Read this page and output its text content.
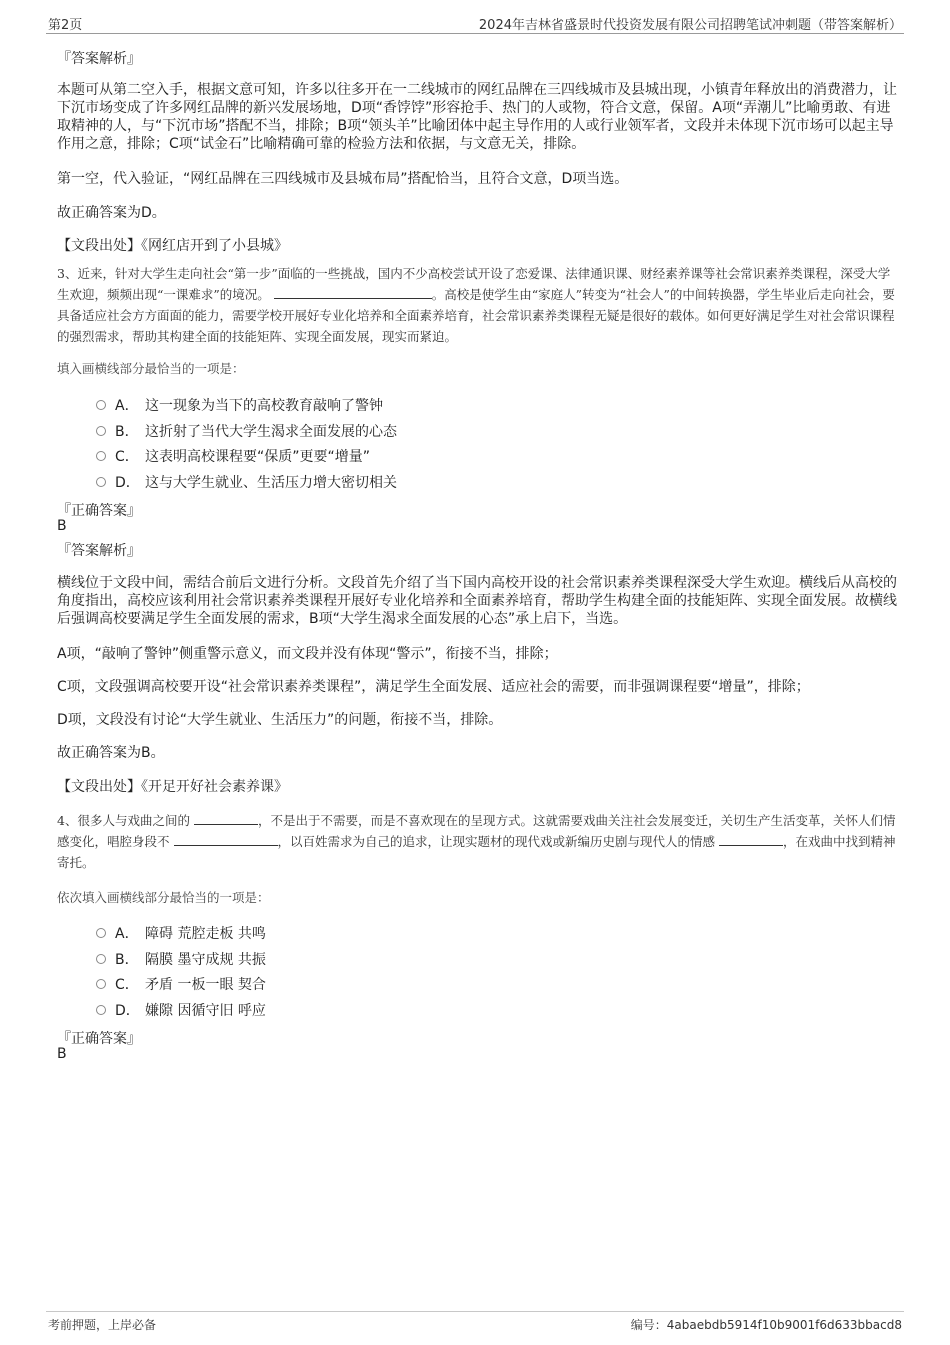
第2页	2024年吉林省盛景时代投资发展有限公司招聘笔试冲刺题（带答案解析）
『答案解析』
本题可从第二空入手，根据文意可知，许多以往多开在一二线城市的网红品牌在三四线城市及县城出现，小镇青年释放出的消费潜力，让下沉市场变成了许多网红品牌的新兴发展场地，D项“香饽饽”形容抢手、热门的人或物，符合文意，保留。A项“弄潮儿”比喻勇敢、有进取精神的人，与“下沉市场”搭配不当，排除；B项“领头羊”比喻团体中起主导作用的人或行业领军者，文段并未体现下沉市场可以起主导作用之意，排除；C项“试金石”比喻精确可靠的检验方法和依据，与文意无关，排除。
第一空，代入验证，“网红品牌在三四线城市及县城布局”搭配恰当，且符合文意，D项当选。
故正确答案为D。
【文段出处】《网红店开到了小县城》
3、近来，针对大学生走向社会“第一步”面临的一些挑战，国内不少高校尝试开设了恋爱课、法律通识课、财经素养课等社会常识素养类课程，深受大学生欢迎，频频出现“一课难求”的境况。	。高校是使学生由“家庭人”转变为“社会人”的中间转换器，学生毕业后走向社会，要具备适应社会方方面面的能力，需要学校开展好专业化培养和全面素养培育，社会常识素养类课程无疑是很好的载体。如何更好满足学生对社会常识课程的强烈需求，帮助其构建全面的技能矩阵、实现全面发展，现实而紧迫。
填入画横线部分最恰当的一项是：
A． 这一现象为当下的高校教育敲响了警钟
B． 这折射了当代大学生渴求全面发展的心态
C． 这表明高校课程要“保质”更要“增量”
D． 这与大学生就业、生活压力增大密切相关
『正确答案』
B
『答案解析』
横线位于文段中间，需结合前后文进行分析。文段首先介绍了当下国内高校开设的社会常识素养类课程深受大学生欢迎。横线后从高校的角度指出，高校应该利用社会常识素养类课程开展好专业化培养和全面素养培育，帮助学生构建全面的技能矩阵、实现全面发展。故横线后强调高校要满足学生全面发展的需求，B项“大学生渴求全面发展的心态”承上启下，当选。
A项，“敲响了警钟”侧重警示意义，而文段并没有体现“警示”，衔接不当，排除；
C项，文段强调高校要开设“社会常识素养类课程”，满足学生全面发展、适应社会的需要，而非强调课程要“增量”，排除；
D项，文段没有讨论“大学生就业、生活压力”的问题，衔接不当，排除。
故正确答案为B。
【文段出处】《开足开好社会素养课》
4、很多人与戏曲之间的	，不是出于不需要，而是不喜欢现在的呈现方式。这就需要戏曲关注社会发展变迁，关切生产生活变革，关怀人们情感变化，唱腔身段不	，以百姓需求为自己的追求，让现实题材的现代戏或新编历史剧与现代人的情感	，在戏曲中找到精神寄托。
依次填入画横线部分最恰当的一项是：
A． 障碍 荒腔走板 共鸣
B． 隔膜 墨守成规 共振
C． 矛盾 一板一眼 契合
D． 嫌隙 因循守旧 呼应
『正确答案』
B
考前押题，上岸必备	编号：4abaebdb5914f10b9001f6d633bbacd8
